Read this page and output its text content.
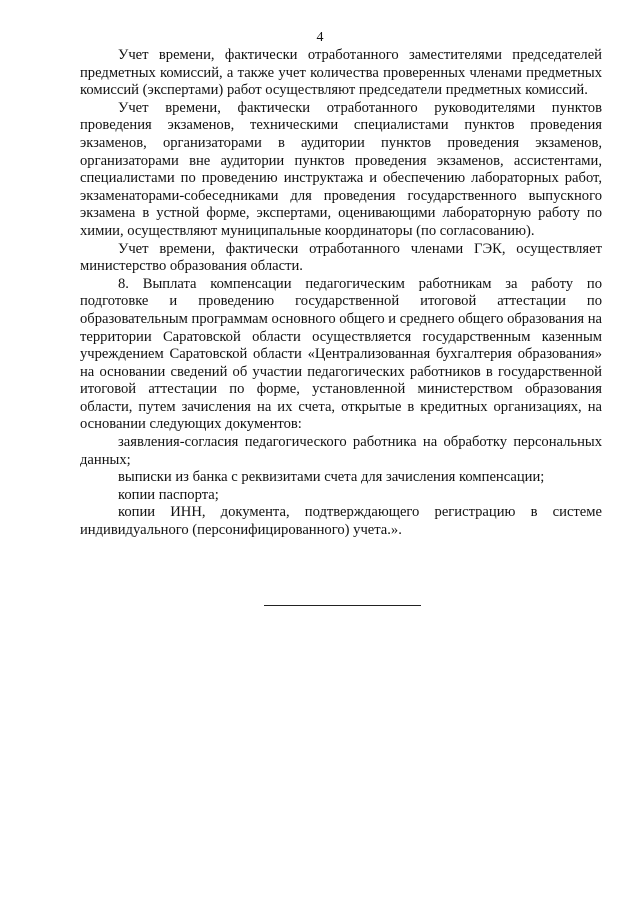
4

Учет времени, фактически отработанного заместителями председателей предметных комиссий, а также учет количества проверенных членами предметных комиссий (экспертами) работ осуществляют председатели предметных комиссий.

Учет времени, фактически отработанного руководителями пунктов проведения экзаменов, техническими специалистами пунктов проведения экзаменов, организаторами в аудитории пунктов проведения экзаменов, организаторами вне аудитории пунктов проведения экзаменов, ассистентами, специалистами по проведению инструктажа и обеспечению лабораторных работ, экзаменаторами-собеседниками для проведения государственного выпускного экзамена в устной форме, экспертами, оценивающими лабораторную работу по химии, осуществляют муниципальные координаторы (по согласованию).

Учет времени, фактически отработанного членами ГЭК, осуществляет министерство образования области.

8. Выплата компенсации педагогическим работникам за работу по подготовке и проведению государственной итоговой аттестации по образовательным программам основного общего и среднего общего образования на территории Саратовской области осуществляется государственным казенным учреждением Саратовской области «Централизованная бухгалтерия образования» на основании сведений об участии педагогических работников в государственной итоговой аттестации по форме, установленной министерством образования области, путем зачисления на их счета, открытые в кредитных организациях, на основании следующих документов:

заявления-согласия педагогического работника на обработку персональных данных;

выписки из банка с реквизитами счета для зачисления компенсации;

копии паспорта;

копии ИНН, документа, подтверждающего регистрацию в системе индивидуального (персонифицированного) учета.».
